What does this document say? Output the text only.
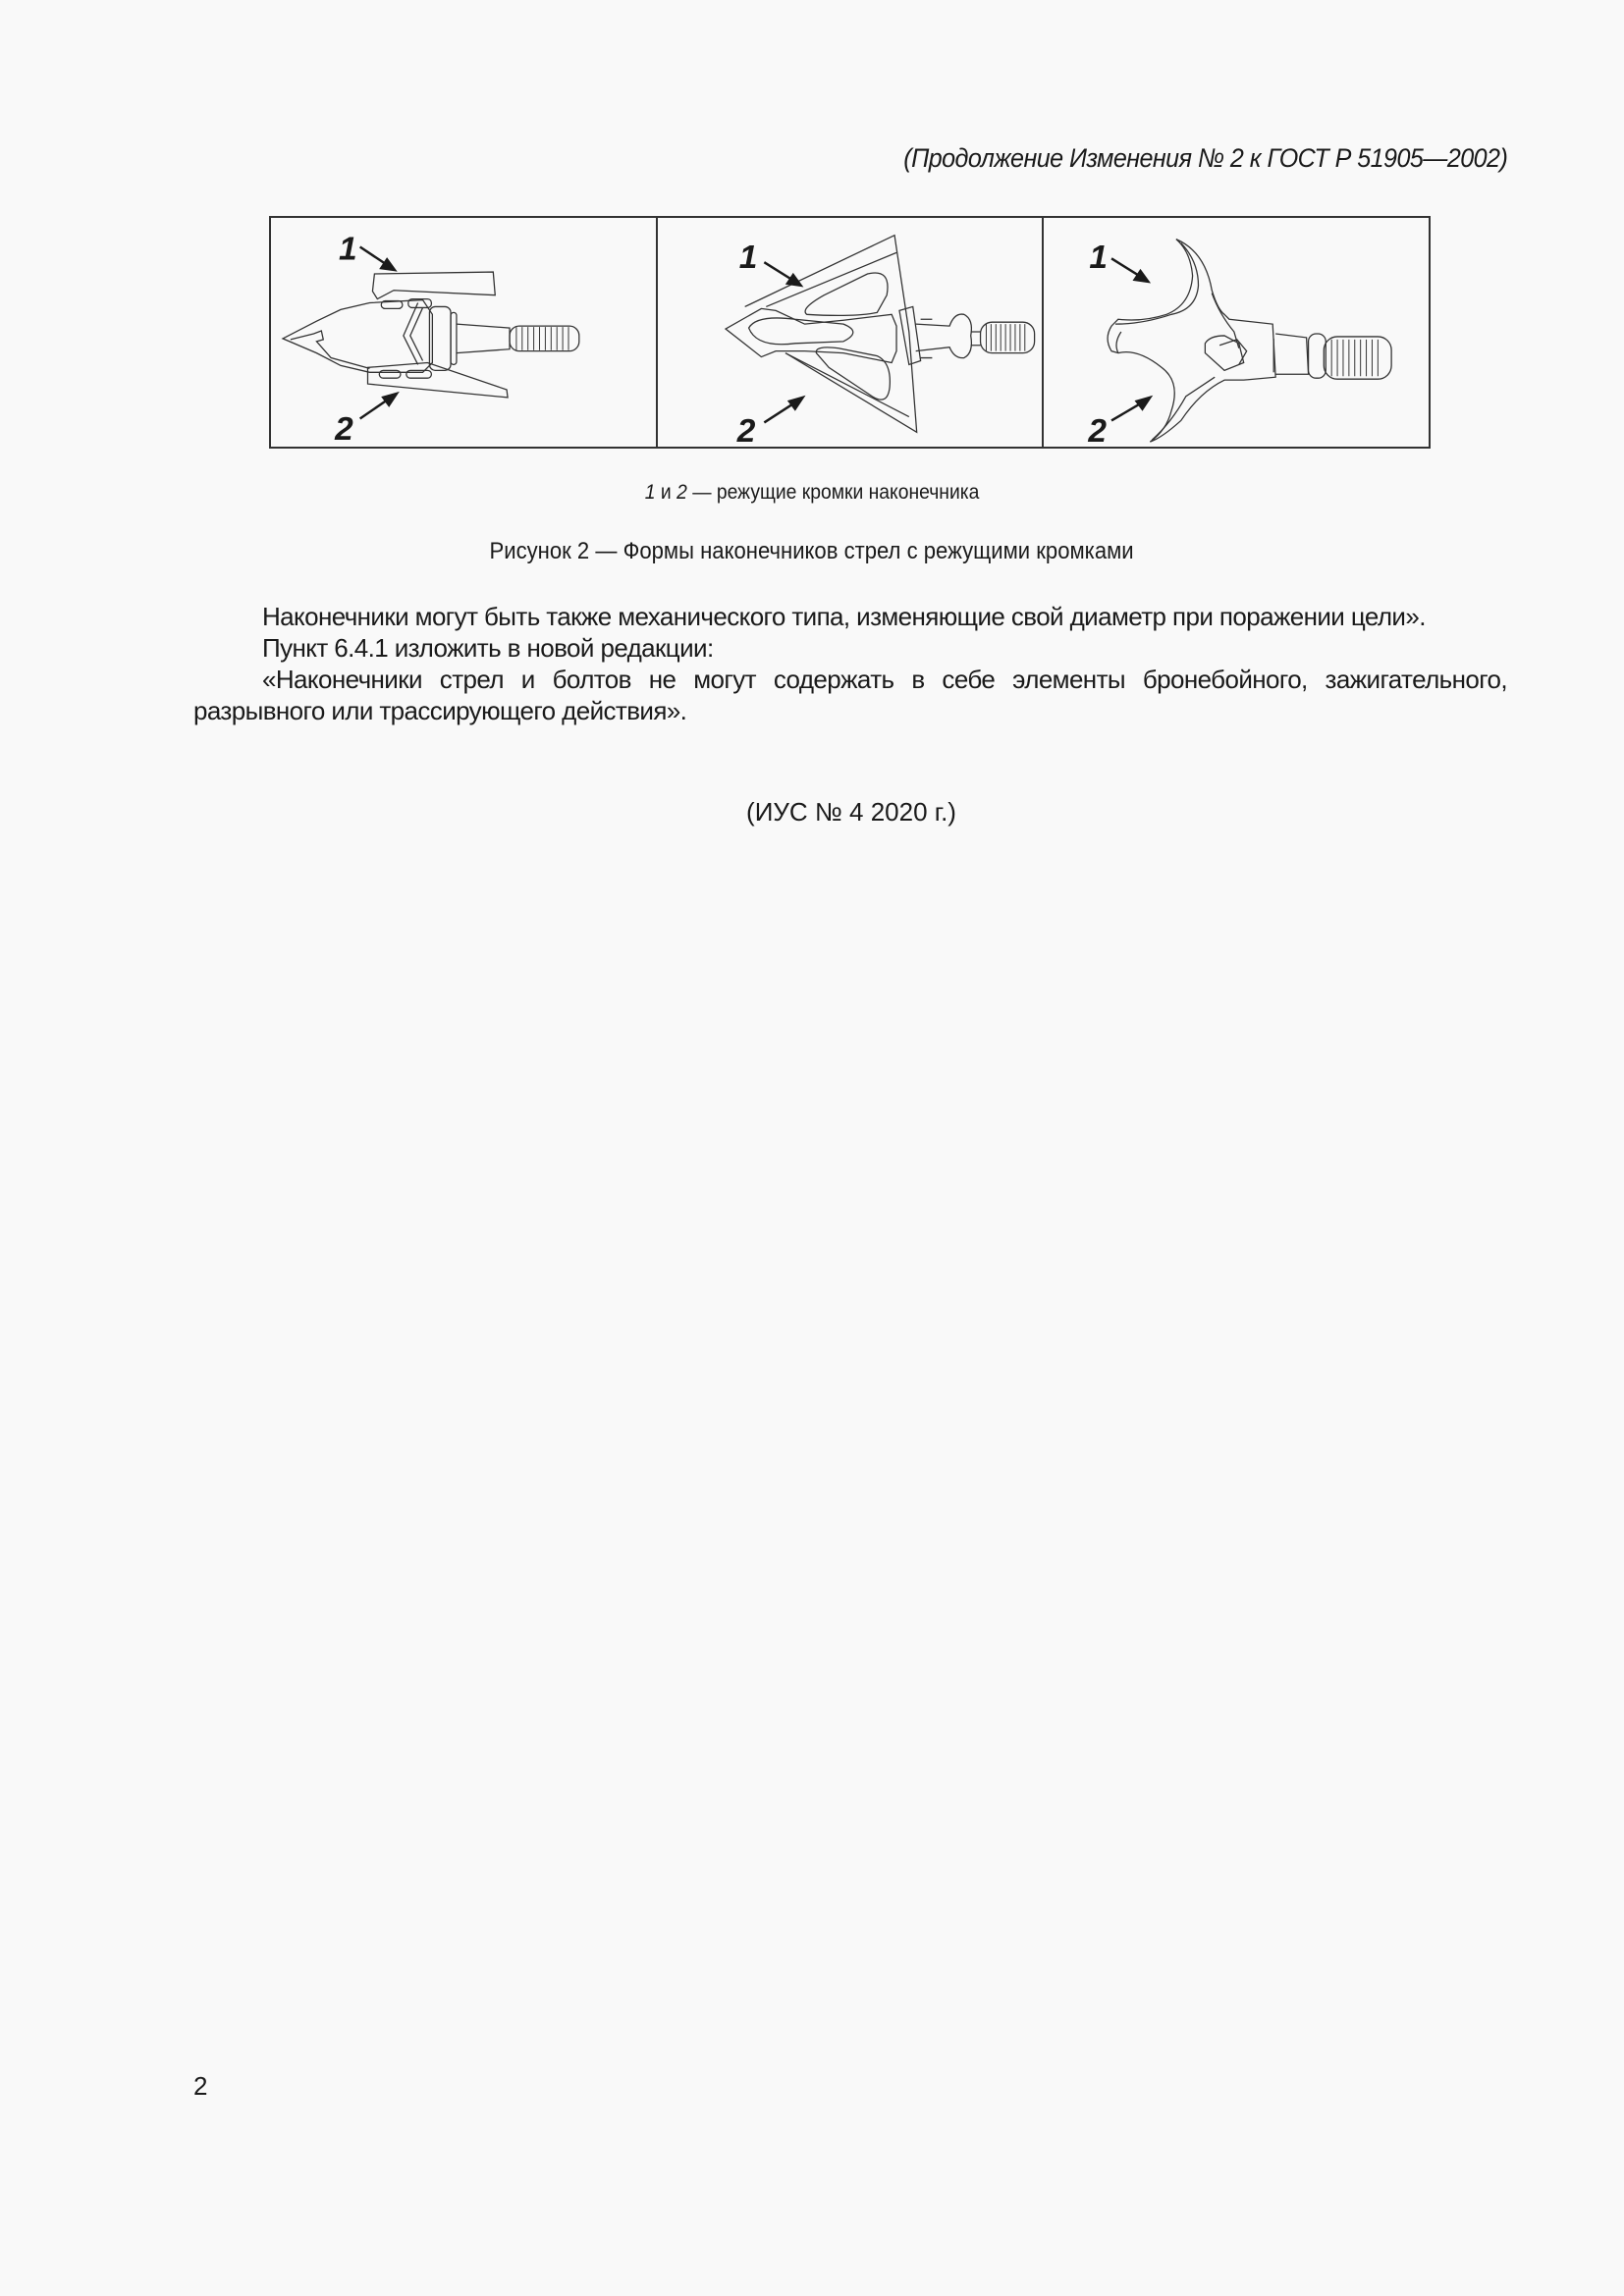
(Продолжение Изменения № 2 к ГОСТ Р 51905—2002)
1
2
1
2
1
2
1 и 2 — режущие кромки наконечника
Рисунок 2 — Формы наконечников стрел с режущими кромками

Наконечники могут быть также механического типа, изменяющие свой диаметр при поражении цели».

Пункт 6.4.1 изложить в новой редакции:

«Наконечники стрел и болтов не могут содержать в себе элементы бронебойного, зажигательного, разрывного или трассирующего действия».

(ИУС № 4 2020 г.)
2
